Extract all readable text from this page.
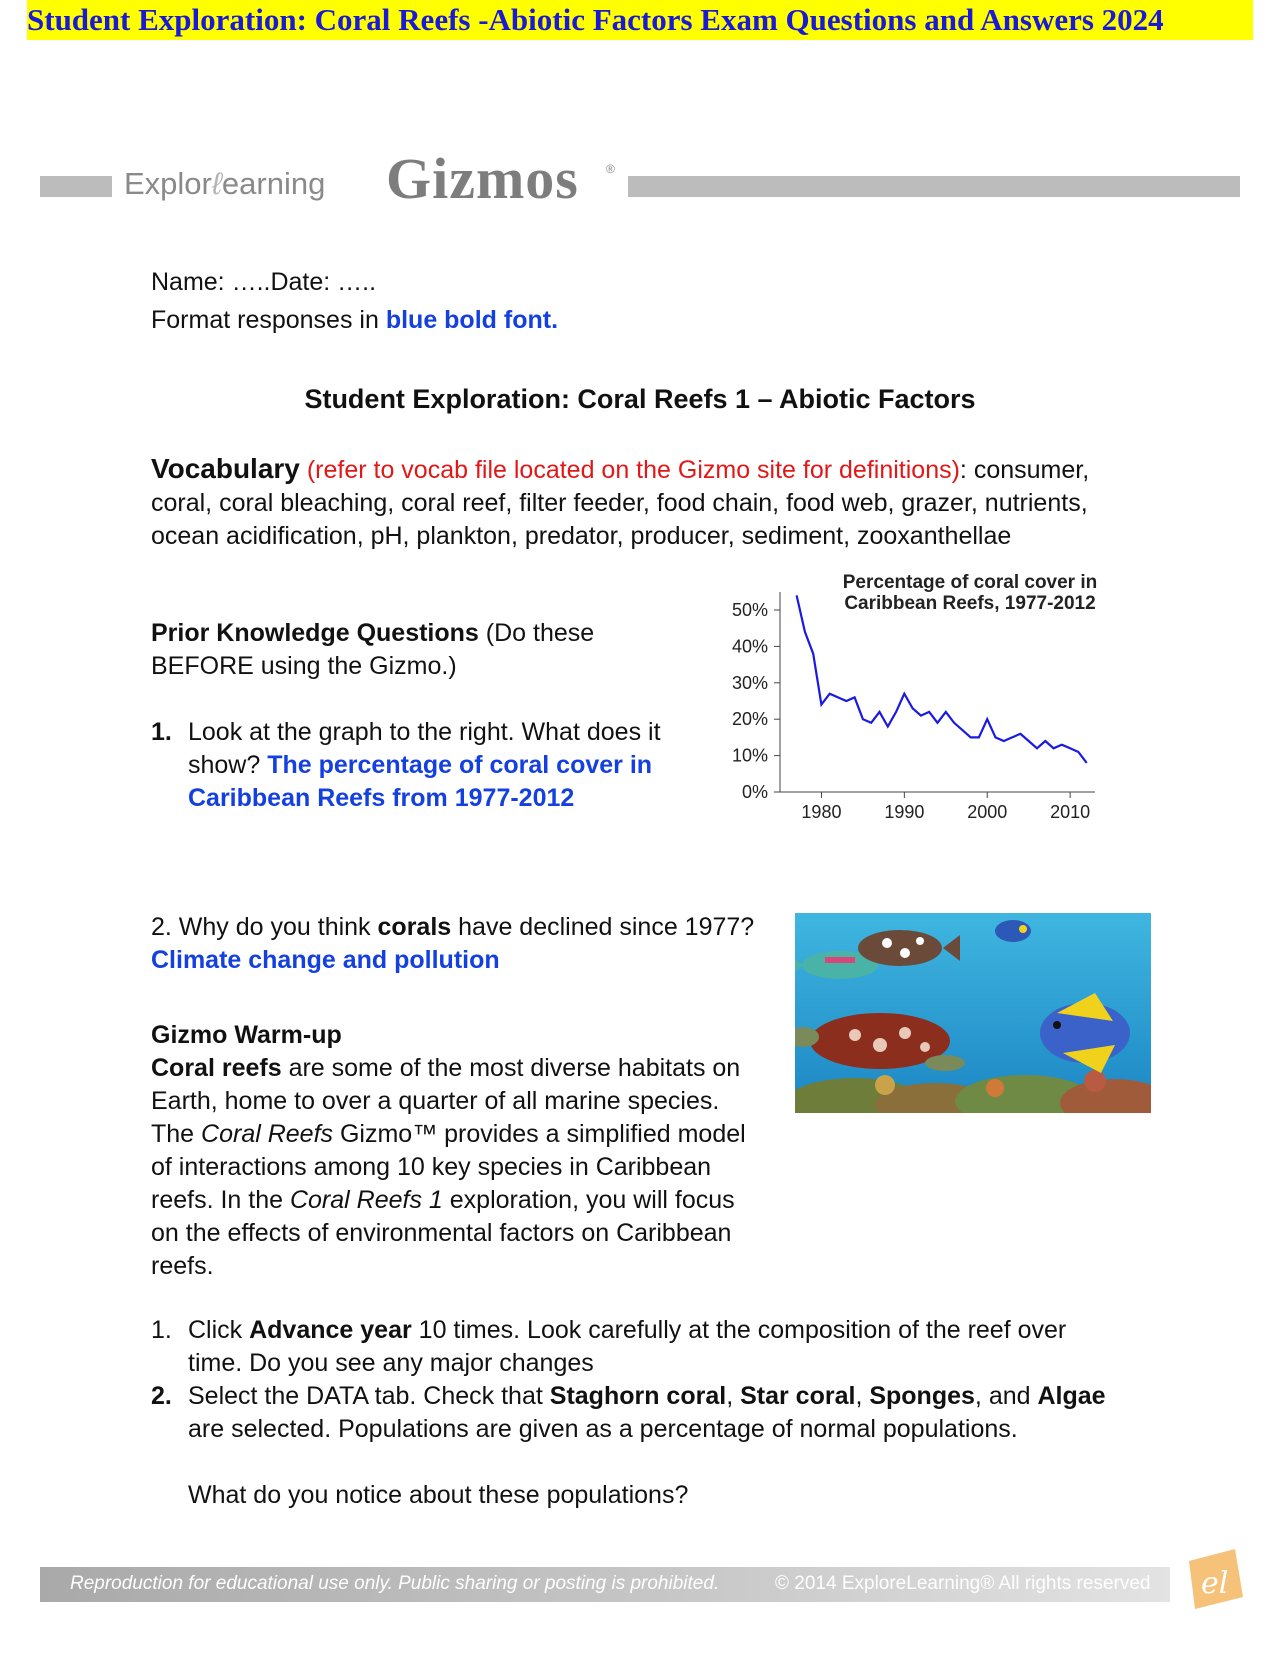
Student Exploration: Coral Reefs -Abiotic Factors Exam Questions and Answers 2024
Explorℓearning Gizmos ®
Name: …..Date: …..
Format responses in blue bold font.
Student Exploration: Coral Reefs 1 – Abiotic Factors
Vocabulary (refer to vocab file located on the Gizmo site for definitions): consumer,
coral, coral bleaching, coral reef, filter feeder, food chain, food web, grazer, nutrients,
ocean acidification, pH, plankton, predator, producer, sediment, zooxanthellae
Prior Knowledge Questions (Do these
BEFORE using the Gizmo.)
1. Look at the graph to the right. What does it
show? The percentage of coral cover in
Caribbean Reefs from 1977-2012
Percentage of coral cover in
Caribbean Reefs, 1977-2012
0%
10%
20%
30%
40%
50%
1980 1990 2000 2010
2. Why do you think corals have declined since 1977?
Climate change and pollution
Gizmo Warm-up
Coral reefs are some of the most diverse habitats on
Earth, home to over a quarter of all marine species.
The Coral Reefs Gizmo™ provides a simplified model
of interactions among 10 key species in Caribbean
reefs. In the Coral Reefs 1 exploration, you will focus
on the effects of environmental factors on Caribbean
reefs.
1. Click Advance year 10 times. Look carefully at the composition of the reef over
time. Do you see any major changes
2. Select the DATA tab. Check that Staghorn coral, Star coral, Sponges, and Algae
are selected. Populations are given as a percentage of normal populations.
What do you notice about these populations?
Reproduction for educational use only. Public sharing or posting is prohibited.	© 2014 ExploreLearning® All rights reserved el
